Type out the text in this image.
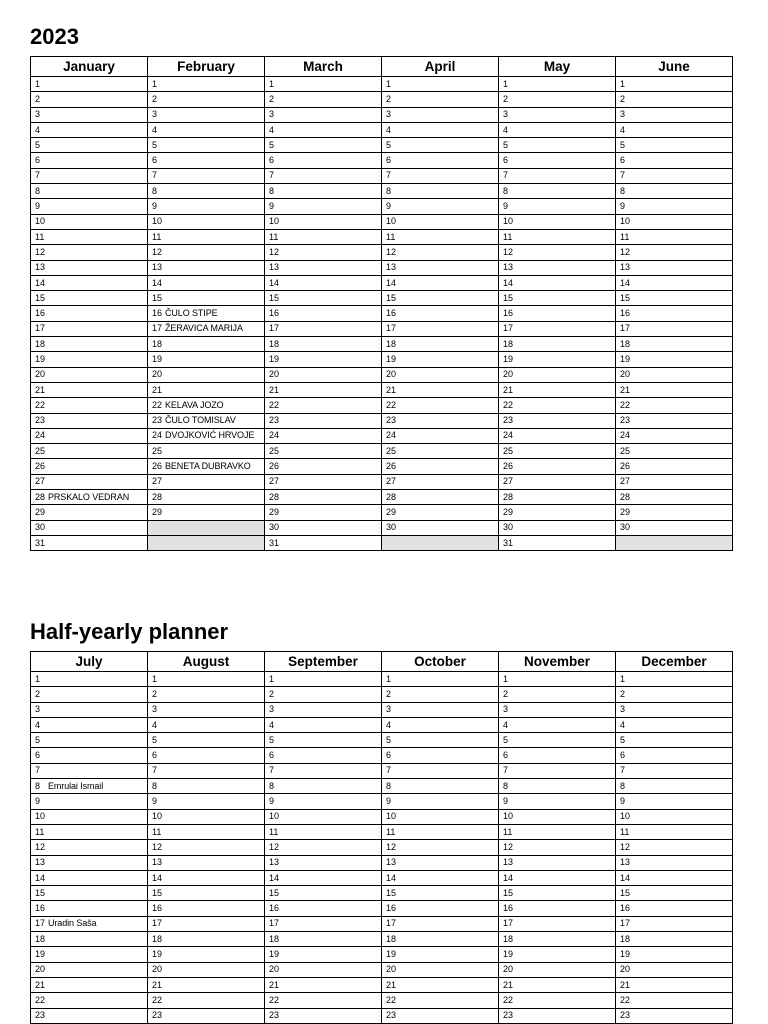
2023
January	February	March	April	May	June
1	1	1	1	1	1
2	2	2	2	2	2
3	3	3	3	3	3
4	4	4	4	4	4
5	5	5	5	5	5
6	6	6	6	6	6
7	7	7	7	7	7
8	8	8	8	8	8
9	9	9	9	9	9
10	10	10	10	10	10
11	11	11	11	11	11
12	12	12	12	12	12
13	13	13	13	13	13
14	14	14	14	14	14
15	15	15	15	15	15
16	16 ČULO STIPE	16	16	16	16
17	17 ŽERAVICA MARIJA	17	17	17	17
18	18	18	18	18	18
19	19	19	19	19	19
20	20	20	20	20	20
21	21	21	21	21	21
22	22 KELAVA JOZO	22	22	22	22
23	23 ČULO TOMISLAV	23	23	23	23
24	24 DVOJKOVIĆ HRVOJE	24	24	24	24
25	25	25	25	25	25
26	26 BENETA DUBRAVKO	26	26	26	26
27	27	27	27	27	27
28 PRSKALO VEDRAN	28	28	28	28	28
29	29	29	29	29	29
30		30	30	30	30
31		31		31	
Half-yearly planner
July	August	September	October	November	December
1	1	1	1	1	1
2	2	2	2	2	2
3	3	3	3	3	3
4	4	4	4	4	4
5	5	5	5	5	5
6	6	6	6	6	6
7	7	7	7	7	7
8 Emrulai Ismail	8	8	8	8	8
9	9	9	9	9	9
10	10	10	10	10	10
11	11	11	11	11	11
12	12	12	12	12	12
13	13	13	13	13	13
14	14	14	14	14	14
15	15	15	15	15	15
16	16	16	16	16	16
17 Uradin Saša	17	17	17	17	17
18	18	18	18	18	18
19	19	19	19	19	19
20	20	20	20	20	20
21	21	21	21	21	21
22	22	22	22	22	22
23	23	23	23	23	23
